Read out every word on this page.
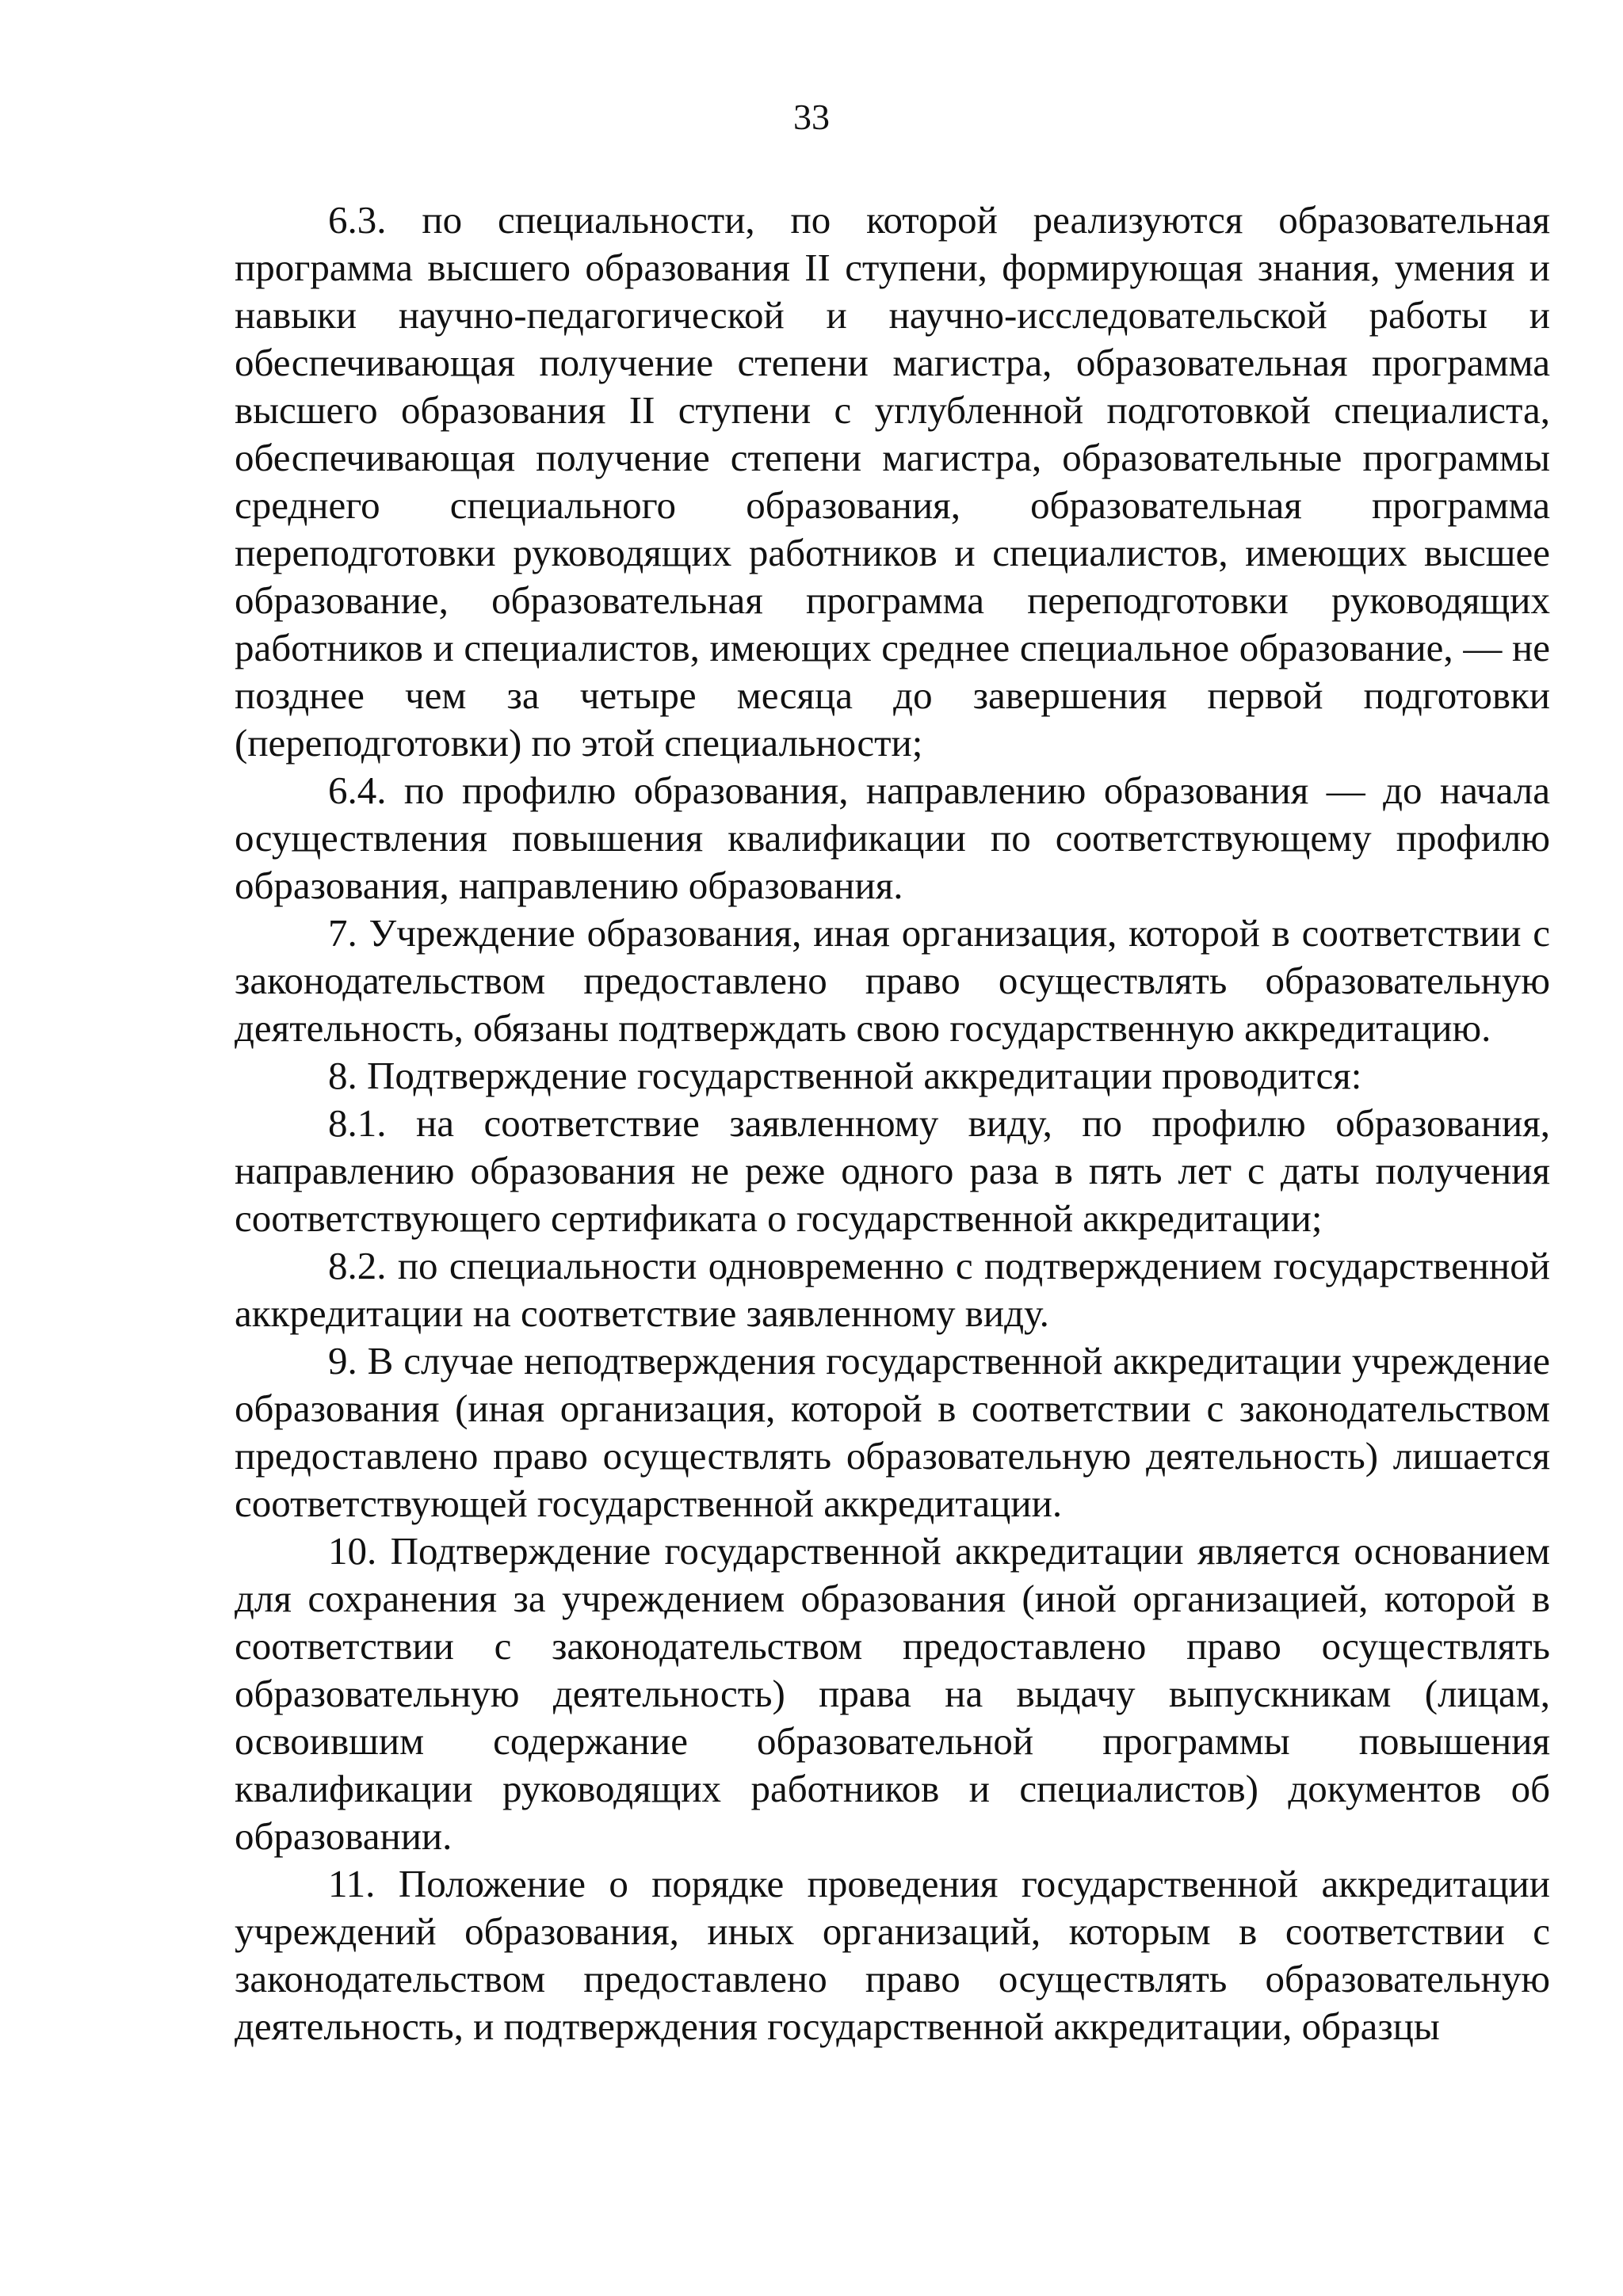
33

6.3. по специальности, по которой реализуются образовательная программа высшего образования II ступени, формирующая знания, умения и навыки научно-педагогической и научно-исследовательской работы и обеспечивающая получение степени магистра, образовательная программа высшего образования II ступени с углубленной подготовкой специалиста, обеспечивающая получение степени магистра, образовательные программы среднего специального образования, образовательная программа переподготовки руководящих работников и специалистов, имеющих высшее образование, образовательная программа переподготовки руководящих работников и специалистов, имеющих среднее специальное образование, — не позднее чем за четыре месяца до завершения первой подготовки (переподготовки) по этой специальности;

6.4. по профилю образования, направлению образования — до начала осуществления повышения квалификации по соответствующему профилю образования, направлению образования.

7. Учреждение образования, иная организация, которой в соответствии с законодательством предоставлено право осуществлять образовательную деятельность, обязаны подтверждать свою государственную аккредитацию.

8. Подтверждение государственной аккредитации проводится:

8.1. на соответствие заявленному виду, по профилю образования, направлению образования не реже одного раза в пять лет с даты получения соответствующего сертификата о государственной аккредитации;

8.2. по специальности одновременно с подтверждением государственной аккредитации на соответствие заявленному виду.

9. В случае неподтверждения государственной аккредитации учреждение образования (иная организация, которой в соответствии с законодательством предоставлено право осуществлять образовательную деятельность) лишается соответствующей государственной аккредитации.

10. Подтверждение государственной аккредитации является основанием для сохранения за учреждением образования (иной организацией, которой в соответствии с законодательством предоставлено право осуществлять образовательную деятельность) права на выдачу выпускникам (лицам, освоившим содержание образовательной программы повышения квалификации руководящих работников и специалистов) документов об образовании.

11. Положение о порядке проведения государственной аккредитации учреждений образования, иных организаций, которым в соответствии с законодательством предоставлено право осуществлять образовательную деятельность, и подтверждения государственной аккредитации, образцы
